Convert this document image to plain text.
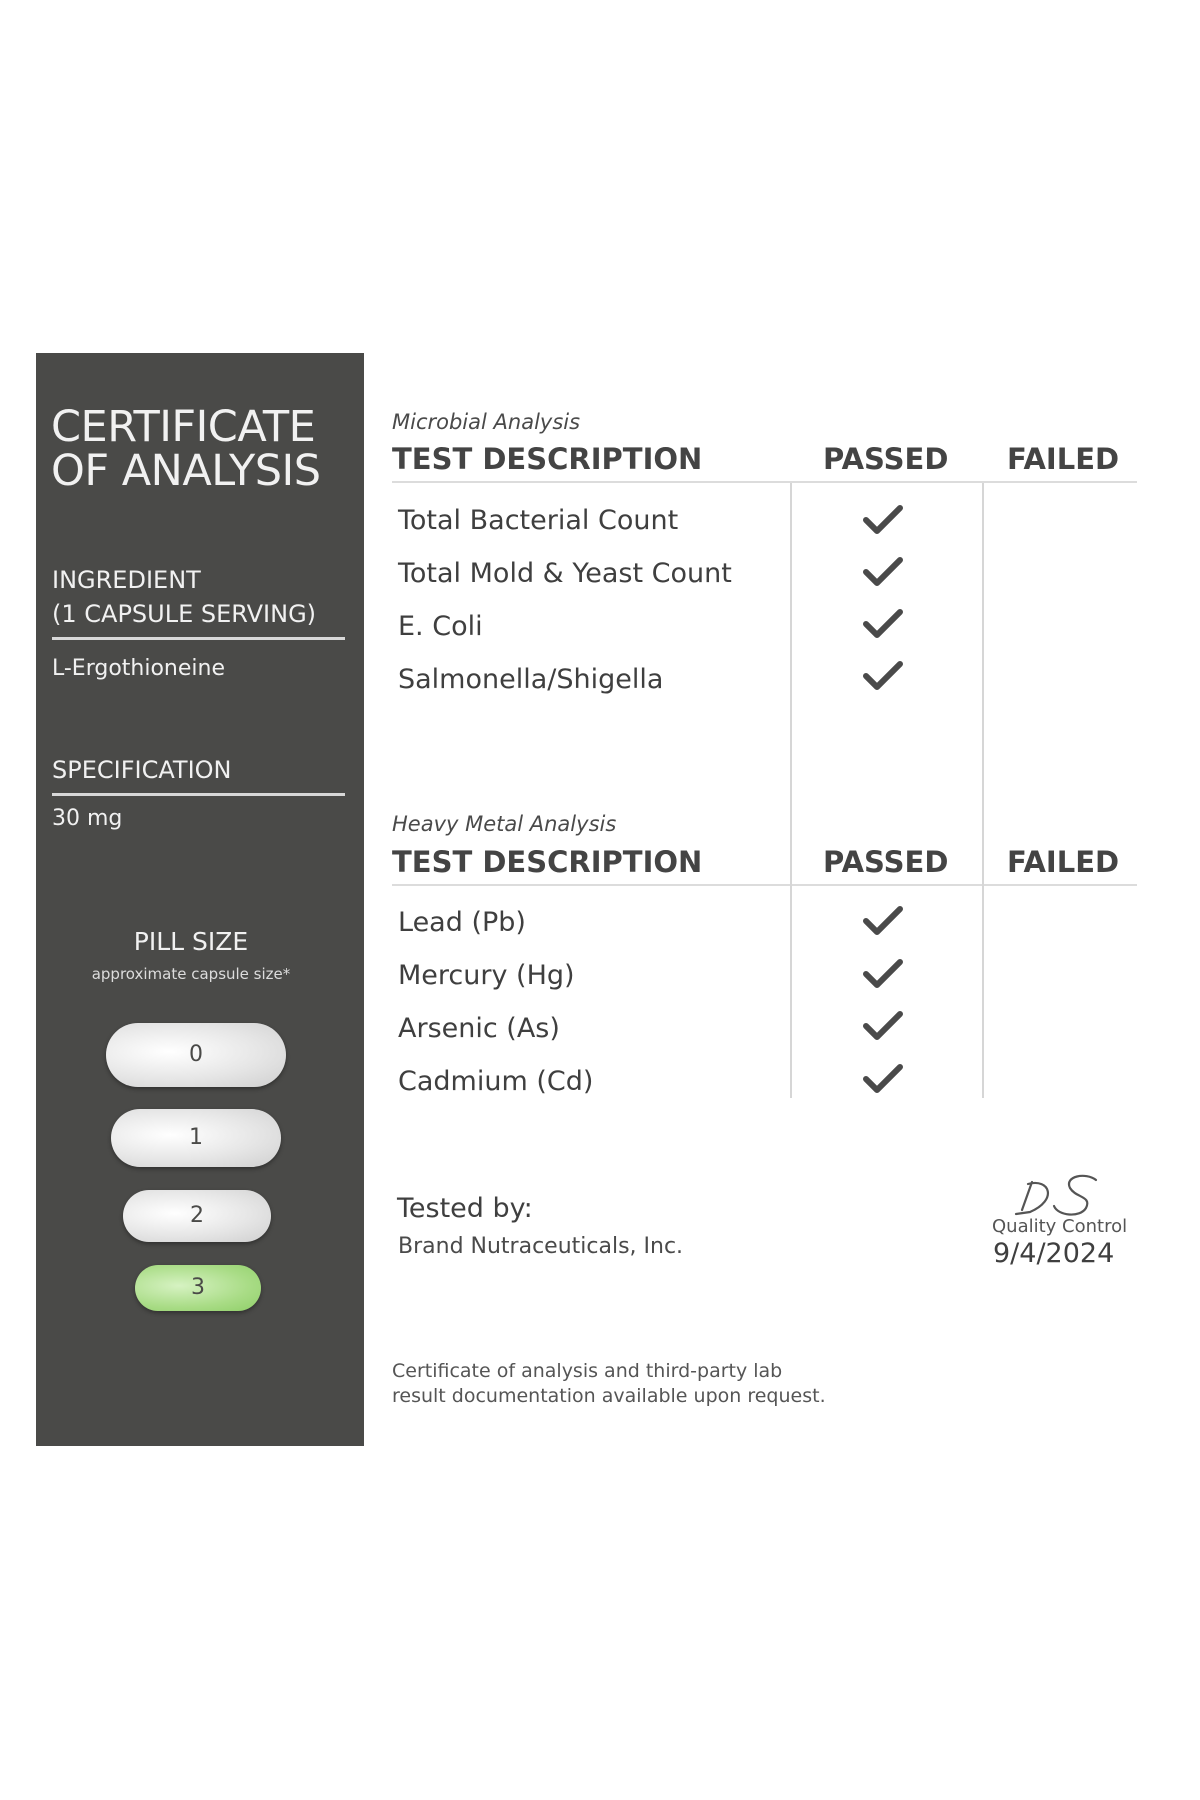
CERTIFICATE
OF ANALYSIS
INGREDIENT
(1 CAPSULE SERVING)
L-Ergothioneine
SPECIFICATION
30 mg
PILL SIZE
approximate capsule size*
0
1
2
3
Microbial Analysis
TEST DESCRIPTION	PASSED FAILED
Total Bacterial Count
Total Mold & Yeast Count
E. Coli
Salmonella/Shigella
Heavy Metal Analysis
TEST DESCRIPTION	PASSED FAILED
Lead (Pb)
Mercury (Hg)
Arsenic (As)
Cadmium (Cd)
Tested by:
Brand Nutraceuticals, Inc.
Quality Control
9/4/2024
Certificate of analysis and third-party lab
result documentation available upon request.
